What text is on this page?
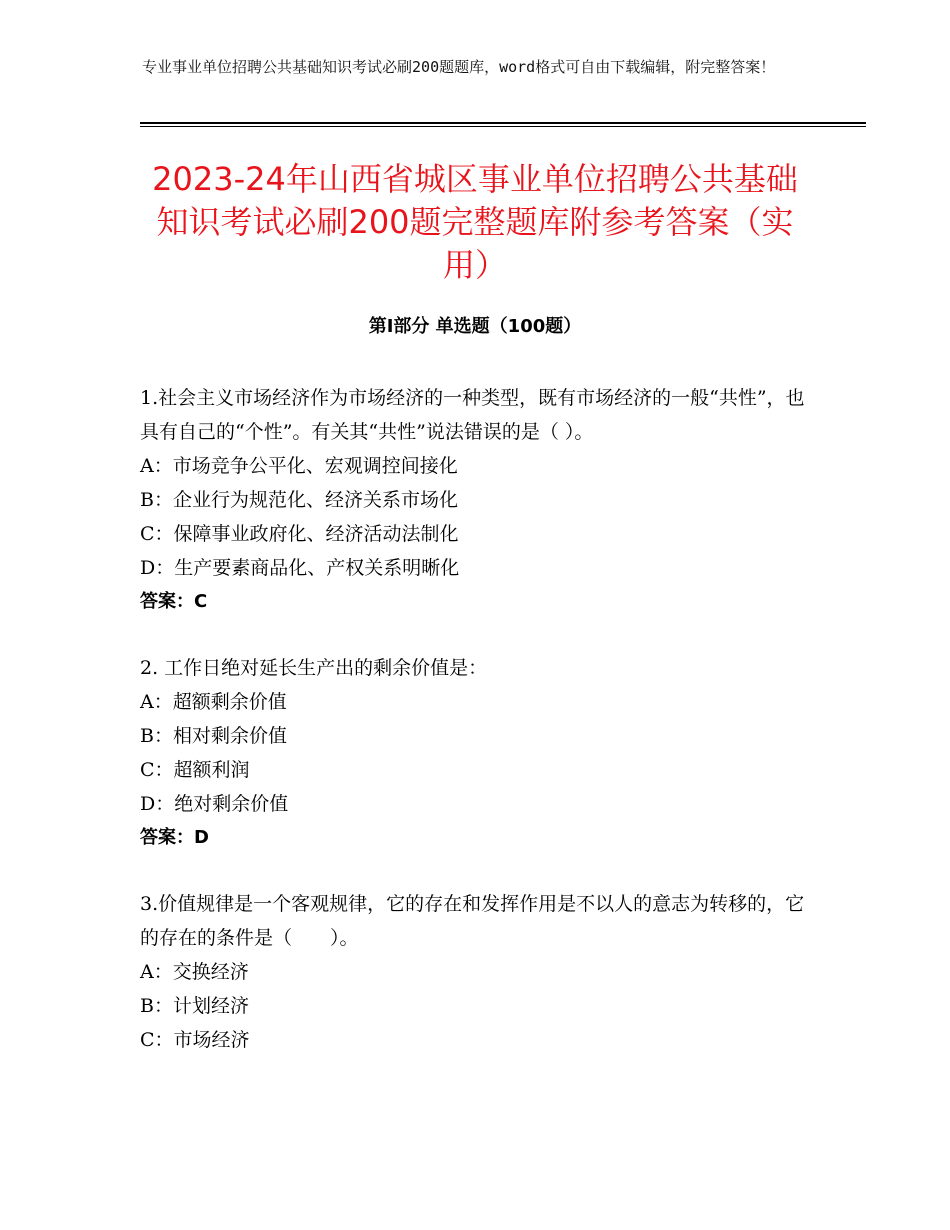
专业事业单位招聘公共基础知识考试必刷200题题库，word格式可自由下载编辑，附完整答案！
2023-24年山西省城区事业单位招聘公共基础知识考试必刷200题完整题库附参考答案（实用）
第Ⅰ部分 单选题（100题）

1.社会主义市场经济作为市场经济的一种类型，既有市场经济的一般“共性”，也具有自己的“个性”。有关其“共性”说法错误的是（ ）。

A：市场竞争公平化、宏观调控间接化

B：企业行为规范化、经济关系市场化

C：保障事业政府化、经济活动法制化

D：生产要素商品化、产权关系明晰化

答案：C

2. 工作日绝对延长生产出的剩余价值是：

A：超额剩余价值

B：相对剩余价值

C：超额利润

D：绝对剩余价值

答案：D

3.价值规律是一个客观规律，它的存在和发挥作用是不以人的意志为转移的，它的存在的条件是（　　）。

A：交换经济

B：计划经济

C：市场经济
